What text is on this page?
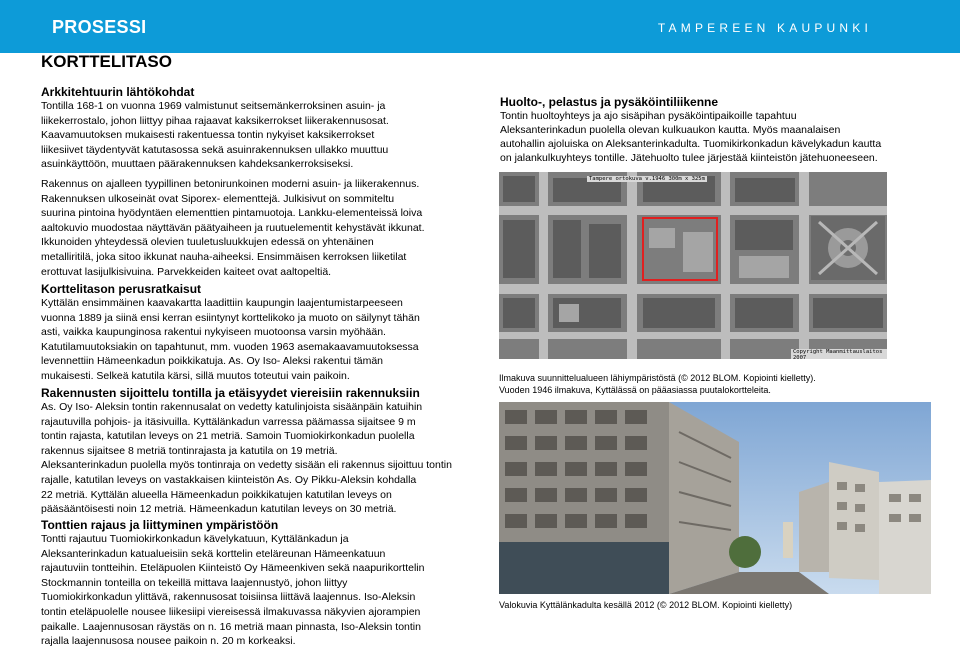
PROSESSI	TAMPEREEN KAUPUNKI
KORTTELITASO
Arkkitehtuurin lähtökohdat

Tontilla 168-1 on vuonna 1969 valmistunut seitsemänkerroksinen asuin- ja

liikekerrostalo, johon liittyy pihaa rajaavat kaksikerrokset liikerakennusosat.

Kaavamuutoksen mukaisesti rakentuessa tontin nykyiset kaksikerrokset

liikesiivet täydentyvät katutasossa sekä asuinrakennuksen ullakko muuttuu

asuinkäyttöön, muuttaen päärakennuksen kahdeksankerroksiseksi.

Rakennus on ajalleen tyypillinen betonirunkoinen moderni asuin- ja liikerakennus.

Rakennuksen ulkoseinät ovat Siporex- elementtejä. Julkisivut on sommiteltu

suurina pintoina hyödyntäen elementtien pintamuotoja. Lankku-elementeissä loiva

aaltokuvio muodostaa näyttävän päätyaiheen ja ruutuelementit kehystävät ikkunat.

Ikkunoiden yhteydessä olevien tuuletusluukkujen edessä on yhtenäinen

metalliritilä, joka sitoo ikkunat nauha-aiheeksi. Ensimmäisen kerroksen liiketilat

erottuvat lasijulkisivuina. Parvekkeiden kaiteet ovat aaltopeltiä.

Korttelitason perusratkaisut

Kyttälän ensimmäinen kaavakartta laadittiin kaupungin laajentumistarpeeseen

vuonna 1889 ja siinä ensi kerran esiintynyt korttelikoko ja muoto on säilynyt tähän

asti, vaikka kaupunginosa rakentui nykyiseen muotoonsa varsin myöhään.

Katutilamuutoksiakin on tapahtunut, mm. vuoden 1963 asemakaavamuutoksessa

levennettiin Hämeenkadun poikkikatuja. As. Oy Iso- Aleksi rakentui tämän

mukaisesti. Selkeä katutila kärsi, sillä muutos toteutui vain paikoin.

Rakennusten sijoittelu tontilla ja etäisyydet viereisiin rakennuksiin

As. Oy Iso- Aleksin tontin rakennusalat on vedetty katulinjoista sisäänpäin katuihin

rajautuvilla pohjois- ja itäsivuilla. Kyttälänkadun varressa päämassa sijaitsee 9 m

tontin rajasta, katutilan leveys on 21 metriä. Samoin Tuomiokirkonkadun puolella

rakennus sijaitsee 8 metriä tontinrajasta ja katutila on 19 metriä.

Aleksanterinkadun puolella myös tontinraja on vedetty sisään eli rakennus sijoittuu tontin

rajalle, katutilan leveys on vastakkaisen kiinteistön As. Oy Pikku-Aleksin kohdalla

22 metriä. Kyttälän alueella Hämeenkadun poikkikatujen katutilan leveys on

pääsääntöisesti noin 12 metriä. Hämeenkadun katutilan leveys on 30 metriä.

Tonttien rajaus ja liittyminen ympäristöön

Tontti rajautuu Tuomiokirkonkadun kävelykatuun, Kyttälänkadun ja

Aleksanterinkadun katualueisiin sekä korttelin eteläreunan Hämeenkatuun

rajautuviin tontteihin. Eteläpuolen Kiinteistö Oy Hämeenkiven sekä naapurikorttelin

Stockmannin tonteilla on tekeillä mittava laajennustyö, johon liittyy

Tuomiokirkonkadun ylittävä, rakennusosat toisiinsa liittävä laajennus. Iso-Aleksin

tontin eteläpuolelle nousee liikesiipi viereisessä ilmakuvassa näkyvien ajorampien

paikalle. Laajennusosan räystäs on n. 16 metriä maan pinnasta, Iso-Aleksin tontin

rajalla laajennusosa nousee paikoin n. 20 m korkeaksi.

Huolto-, pelastus ja pysäköintiliikenne

Tontin huoltoyhteys ja ajo sisäpihan pysäköintipaikoille tapahtuu

Aleksanterinkadun puolella olevan kulkuaukon kautta. Myös maanalaisen

autohallin ajoluiska on Aleksanterinkadulta. Tuomikirkonkadun kävelykadun kautta

on jalankulkuyhteys tontille. Jätehuolto tulee järjestää kiinteistön jätehuoneeseen.

Tampere ortokuva v.1946 300m x 325m
Copyright Maanmittauslaitos 2007
Ilmakuva suunnittelualueen lähiympäristöstä (© 2012 BLOM. Kopiointi kielletty).
Vuoden 1946 ilmakuva, Kyttälässä on pääasiassa puutalokortteleita.
Valokuvia Kyttälänkadulta kesällä 2012 (© 2012 BLOM. Kopiointi kielletty)
